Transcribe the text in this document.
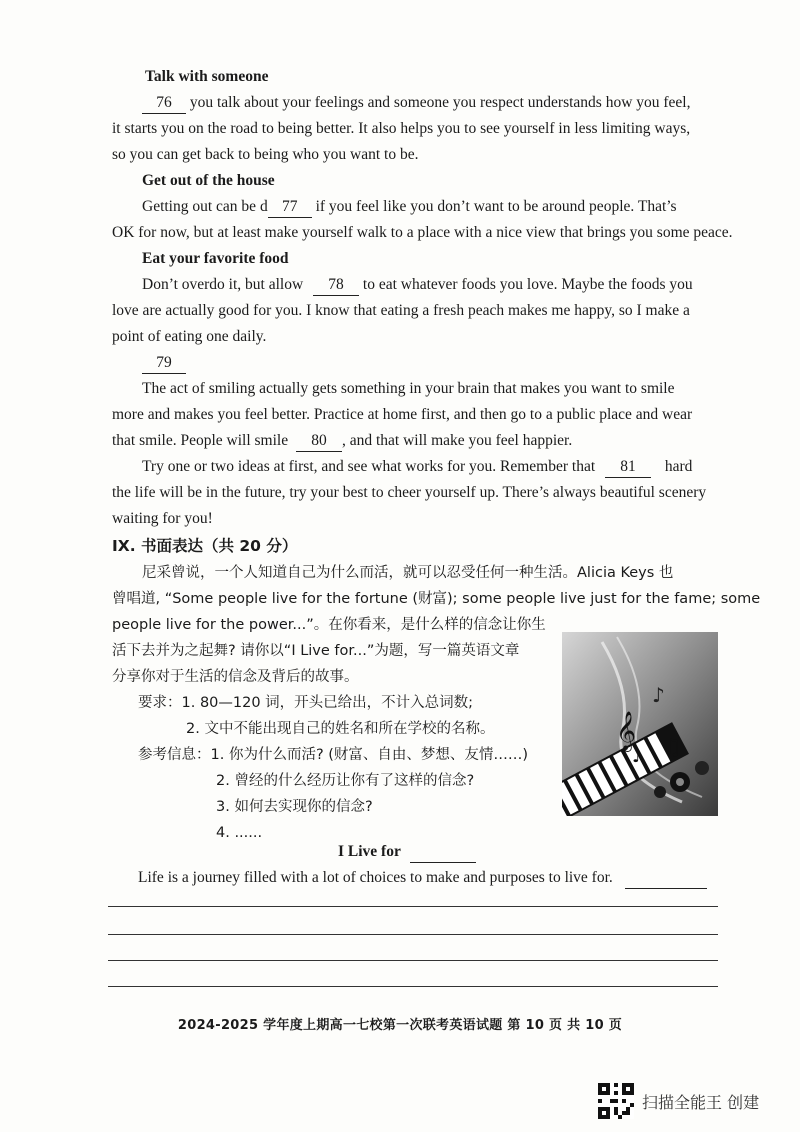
Talk with someone
76 you talk about your feelings and someone you respect understands how you feel,
it starts you on the road to being better. It also helps you to see yourself in less limiting ways,
so you can get back to being who you want to be.
Get out of the house
Getting out can be d 77 if you feel like you don’t want to be around people. That’s
OK for now, but at least make yourself walk to a place with a nice view that brings you some peace.
Eat your favorite food
Don’t overdo it, but allow 78 to eat whatever foods you love. Maybe the foods you
love are actually good for you. I know that eating a fresh peach makes me happy, so I make a
point of eating one daily.
79
The act of smiling actually gets something in your brain that makes you want to smile
more and makes you feel better. Practice at home first, and then go to a public place and wear
that smile. People will smile 80 , and that will make you feel happier.
Try one or two ideas at first, and see what works for you. Remember that 81 hard
the life will be in the future, try your best to cheer yourself up. There’s always beautiful scenery
waiting for you!
IX. 书面表达（共 20 分）
尼采曾说，一个人知道自己为什么而活，就可以忍受任何一种生活。Alicia Keys 也
曾唱道, “Some people live for the fortune (财富); some people live just for the fame; some
people live for the power...”。在你看来，是什么样的信念让你生
活下去并为之起舞? 请你以“I Live for...”为题，写一篇英语文章
分享你对于生活的信念及背后的故事。
要求：1. 80—120 词，开头已给出，不计入总词数;
2. 文中不能出现自己的姓名和所在学校的名称。
参考信息：1. 你为什么而活? (财富、自由、梦想、友情……)
2. 曾经的什么经历让你有了这样的信念?
3. 如何去实现你的信念?
4. ......
𝄞
♪
♫
♩
I Live for
Life is a journey filled with a lot of choices to make and purposes to live for.
2024-2025 学年度上期高一七校第一次联考英语试题 第 10 页 共 10 页
扫描全能王 创建
